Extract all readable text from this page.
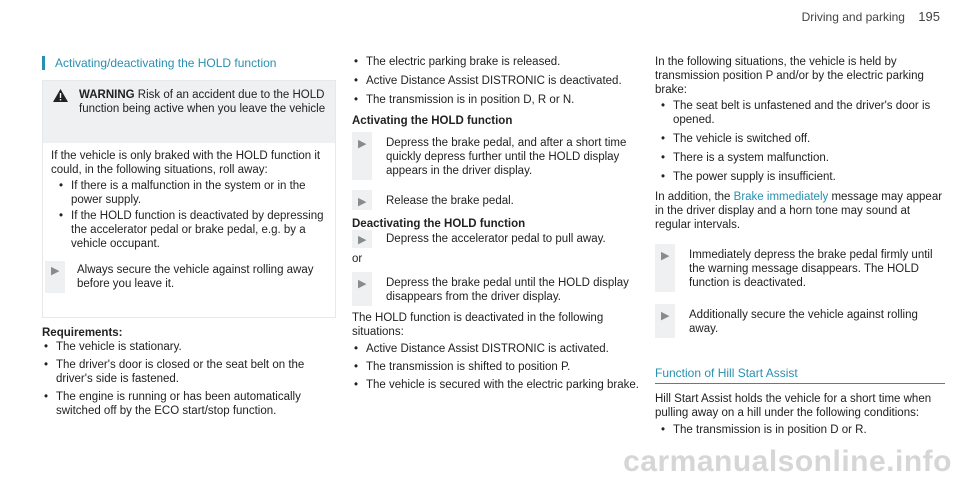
Driving and parking 195
Activating/deactivating the HOLD function

WARNING Risk of an accident due to the HOLD function being active when you leave the vehicle

If the vehicle is only braked with the HOLD function it could, in the following situations, roll away:

• If there is a malfunction in the system or in the power supply.

• If the HOLD function is deactivated by depressing the accelerator pedal or brake pedal, e.g. by a vehicle occupant.

▶ Always secure the vehicle against rolling away before you leave it.

Requirements:

• The vehicle is stationary.

• The driver's door is closed or the seat belt on the driver's side is fastened.

• The engine is running or has been automatically switched off by the ECO start/stop function.

• The electric parking brake is released.

• Active Distance Assist DISTRONIC is deactivated.

• The transmission is in position D, R or N.

Activating the HOLD function

▶ Depress the brake pedal, and after a short time quickly depress further until the HOLD display appears in the driver display.

▶ Release the brake pedal.

Deactivating the HOLD function

▶ Depress the accelerator pedal to pull away.

or

▶ Depress the brake pedal until the HOLD display disappears from the driver display.

The HOLD function is deactivated in the following situations:

• Active Distance Assist DISTRONIC is activated.

• The transmission is shifted to position P.

• The vehicle is secured with the electric parking brake.

In the following situations, the vehicle is held by transmission position P and/or by the electric parking brake:

• The seat belt is unfastened and the driver's door is opened.

• The vehicle is switched off.

• There is a system malfunction.

• The power supply is insufficient.

In addition, the Brake immediately message may appear in the driver display and a horn tone may sound at regular intervals.

▶ Immediately depress the brake pedal firmly until the warning message disappears. The HOLD function is deactivated.

▶ Additionally secure the vehicle against rolling away.

Function of Hill Start Assist

Hill Start Assist holds the vehicle for a short time when pulling away on a hill under the following conditions:

• The transmission is in position D or R.

carmanualsonline.info
